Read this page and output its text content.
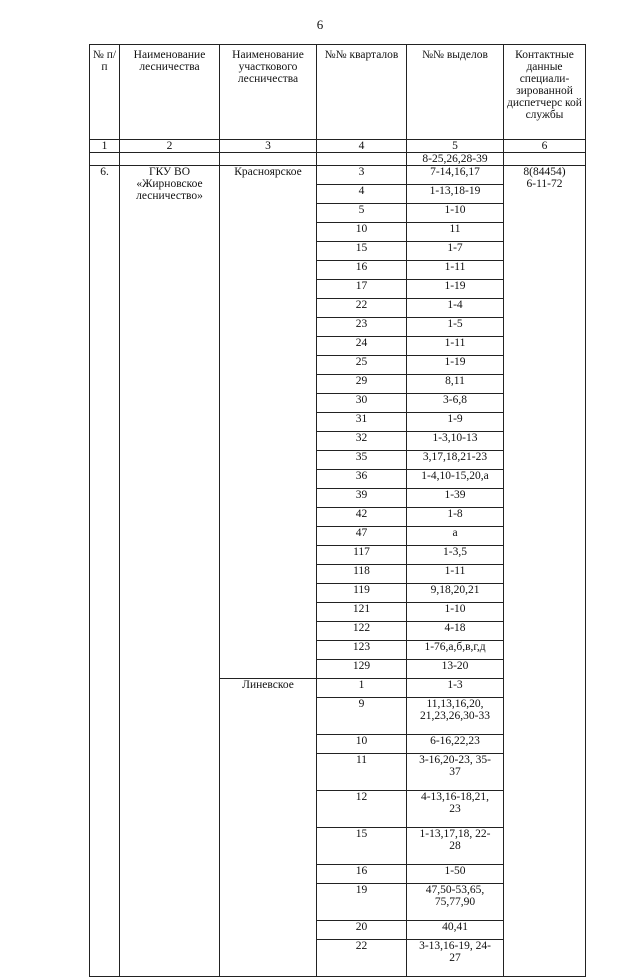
6
№ п/п	Наименование лесничества	Наименование участкового лесничества	№№ кварталов	№№ выделов	Контактные данные специали-зированной диспетчерс кой службы
1	2	3	4	5	6
				8-25,26,28-39	
6.	ГКУ ВО
«Жирновское
лесничество»	Красноярское	3	7-14,16,17	8(84454)
6-11-72

			4	1-13,18-19	
			5	1-10	
			10	11	
			15	1-7	
			16	1-11	
			17	1-19	
			22	1-4	
			23	1-5	
			24	1-11	
			25	1-19	
			29	8,11	
			30	3-6,8	
			31	1-9	
			32	1-3,10-13	
			35	3,17,18,21-23	
			36	1-4,10-15,20,а	
			39	1-39	
			42	1-8	
			47	а	
			117	1-3,5	
			118	1-11	
			119	9,18,20,21	
			121	1-10	
			122	4-18	
			123	1-76,а,б,в,г,д	
			129	13-20	
		Линевское	1	1-3	

			9	11,13,16,20,
21,23,26,30-33	

			10	6-16,22,23	

			11	3-16,20-23, 35-
37	

			12	4-13,16-18,21,
23	

			15	1-13,17,18, 22-
28	

			16	1-50	

			19	47,50-53,65,
75,77,90	

			20	40,41	

			22	3-13,16-19, 24-
27	
